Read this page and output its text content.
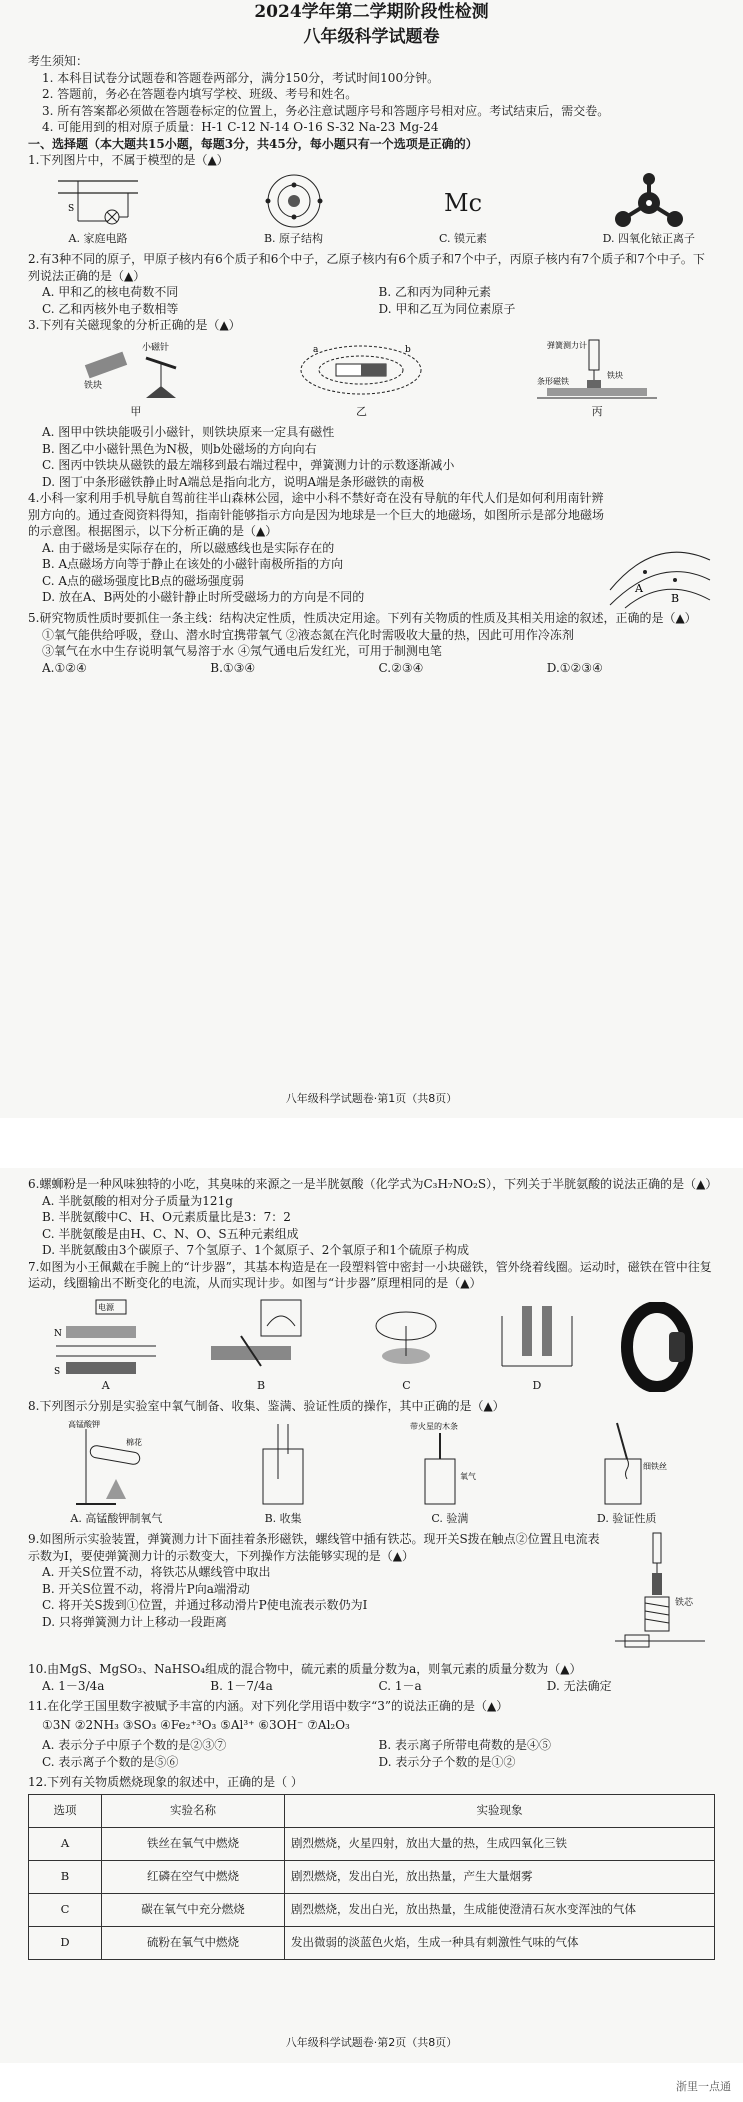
2024学年第二学期阶段性检测
八年级科学试题卷
考生须知：
1. 本科目试卷分试题卷和答题卷两部分，满分150分，考试时间100分钟。
2. 答题前，务必在答题卷内填写学校、班级、考号和姓名。
3. 所有答案都必须做在答题卷标定的位置上，务必注意试题序号和答题序号相对应。考试结束后，需交卷。
4. 可能用到的相对原子质量：H-1 C-12 N-14 O-16 S-32 Na-23 Mg-24
一、选择题（本大题共15小题，每题3分，共45分，每小题只有一个选项是正确的）
1.下列图片中，不属于模型的是（▲）
S
A. 家庭电路	B. 原子结构
Mc
C. 镆元素	D. 四氧化铱正离子
2.有3种不同的原子，甲原子核内有6个质子和6个中子，乙原子核内有6个质子和7个中子，丙原子核内有7个质子和7个中子。下列说法正确的是（▲）
A. 甲和乙的核电荷数不同	B. 乙和丙为同种元素
C. 乙和丙核外电子数相等	D. 甲和乙互为同位素原子
3.下列有关磁现象的分析正确的是（▲）
铁块
小磁针
甲
a	b
乙
弹簧测力计
条形磁铁
铁块
丙
A. 图甲中铁块能吸引小磁针，则铁块原来一定具有磁性
B. 图乙中小磁针黑色为N极，则b处磁场的方向向右
C. 图丙中铁块从磁铁的最左端移到最右端过程中，弹簧测力计的示数逐渐减小
D. 图丁中条形磁铁静止时A端总是指向北方，说明A端是条形磁铁的南极
4.小科一家利用手机导航自驾前往半山森林公园，途中小科不禁好奇在没有导航的年代人们是如何利用南针辨别方向的。通过查阅资料得知，指南针能够指示方向是因为地球是一个巨大的地磁场，如图所示是部分地磁场的示意图。根据图示，以下分析正确的是（▲）
A. 由于磁场是实际存在的，所以磁感线也是实际存在的
B. A点磁场方向等于静止在该处的小磁针南极所指的方向
C. A点的磁场强度比B点的磁场强度弱
D. 放在A、B两处的小磁针静止时所受磁场力的方向是不同的
A
B
5.研究物质性质时要抓住一条主线：结构决定性质，性质决定用途。下列有关物质的性质及其相关用途的叙述，正确的是（▲）
①氧气能供给呼吸，登山、潜水时宜携带氧气 ②液态氮在汽化时需吸收大量的热，因此可用作冷冻剂
③氧气在水中生存说明氧气易溶于水 ④氖气通电后发红光，可用于制测电笔
A.①②④	B.①③④	C.②③④	D.①②③④
八年级科学试题卷·第1页（共8页）
6.螺蛳粉是一种风味独特的小吃，其臭味的来源之一是半胱氨酸（化学式为C₃H₇NO₂S），下列关于半胱氨酸的说法正确的是（▲）
A. 半胱氨酸的相对分子质量为121g
B. 半胱氨酸中C、H、O元素质量比是3：7：2
C. 半胱氨酸是由H、C、N、O、S五种元素组成
D. 半胱氨酸由3个碳原子、7个氢原子、1个氮原子、2个氧原子和1个硫原子构成
7.如图为小王佩戴在手腕上的“计步器”，其基本构造是在一段塑料管中密封一小块磁铁，管外绕着线圈。运动时，磁铁在管中往复运动，线圈输出不断变化的电流，从而实现计步。如图与“计步器”原理相同的是（▲）
电源
N
S
A	B	C	D
8.下列图示分别是实验室中氧气制备、收集、鉴满、验证性质的操作，其中正确的是（▲）
高锰酸钾
棉花
A. 高锰酸钾制氧气	B. 收集
带火星的木条
氧气
C. 验满
细铁丝
D. 验证性质
9.如图所示实验装置，弹簧测力计下面挂着条形磁铁，螺线管中插有铁芯。现开关S拨在触点②位置且电流表示数为I，要使弹簧测力计的示数变大，下列操作方法能够实现的是（▲）
A. 开关S位置不动，将铁芯从螺线管中取出
B. 开关S位置不动，将滑片P向a端滑动
C. 将开关S拨到①位置，并通过移动滑片P使电流表示数仍为I
D. 只将弹簧测力计上移动一段距离
铁芯
10.由MgS、MgSO₃、NaHSO₄组成的混合物中，硫元素的质量分数为a，则氧元素的质量分数为（▲）
A. 1－3/4a	B. 1－7/4a	C. 1－a	D. 无法确定
11.在化学王国里数字被赋予丰富的内涵。对下列化学用语中数字“3”的说法正确的是（▲）
①3N ②2NH₃ ③SO₃ ④Fe₂⁺³O₃ ⑤Al³⁺ ⑥3OH⁻ ⑦Al₂O₃
A. 表示分子中原子个数的是②③⑦	B. 表示离子所带电荷数的是④⑤
C. 表示离子个数的是⑤⑥	D. 表示分子个数的是①②
12.下列有关物质燃烧现象的叙述中，正确的是（ ）
选项	实验名称	实验现象
A	铁丝在氧气中燃烧	剧烈燃烧，火星四射，放出大量的热，生成四氧化三铁
B	红磷在空气中燃烧	剧烈燃烧，发出白光，放出热量，产生大量烟雾
C	碳在氧气中充分燃烧	剧烈燃烧，发出白光，放出热量，生成能使澄清石灰水变浑浊的气体
D	硫粉在氧气中燃烧	发出微弱的淡蓝色火焰，生成一种具有刺激性气味的气体
八年级科学试题卷·第2页（共8页）
浙里一点通
